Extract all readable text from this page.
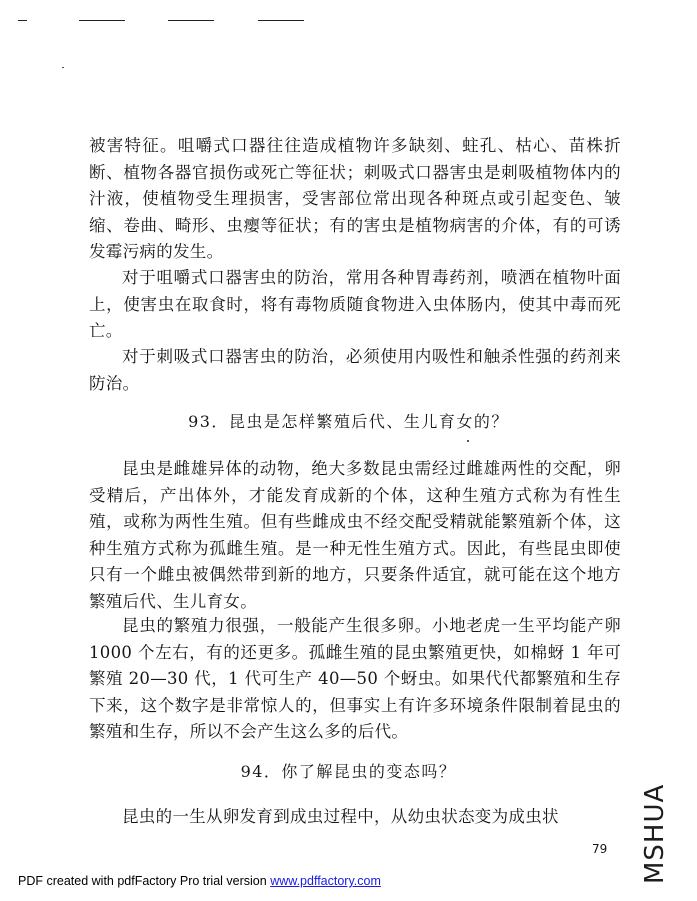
被害特征。咀嚼式口器往往造成植物许多缺刻、蛀孔、枯心、苗株折断、植物各器官损伤或死亡等征状；刺吸式口器害虫是刺吸植物体内的汁液，使植物受生理损害，受害部位常出现各种斑点或引起变色、皱缩、卷曲、畸形、虫瘿等征状；有的害虫是植物病害的介体，有的可诱发霉污病的发生。

对于咀嚼式口器害虫的防治，常用各种胃毒药剂，喷洒在植物叶面上，使害虫在取食时，将有毒物质随食物进入虫体肠内，使其中毒而死亡。

对于刺吸式口器害虫的防治，必须使用内吸性和触杀性强的药剂来防治。

93．昆虫是怎样繁殖后代、生儿育女的？

昆虫是雌雄异体的动物，绝大多数昆虫需经过雌雄两性的交配，卵受精后，产出体外，才能发育成新的个体，这种生殖方式称为有性生殖，或称为两性生殖。但有些雌成虫不经交配受精就能繁殖新个体，这种生殖方式称为孤雌生殖。是一种无性生殖方式。因此，有些昆虫即使只有一个雌虫被偶然带到新的地方，只要条件适宜，就可能在这个地方繁殖后代、生儿育女。

昆虫的繁殖力很强，一般能产生很多卵。小地老虎一生平均能产卵 1000 个左右，有的还更多。孤雌生殖的昆虫繁殖更快，如棉蚜 1 年可繁殖 20—30 代，1 代可生产 40—50 个蚜虫。如果代代都繁殖和生存下来，这个数字是非常惊人的，但事实上有许多环境条件限制着昆虫的繁殖和生存，所以不会产生这么多的后代。

94．你了解昆虫的变态吗？

昆虫的一生从卵发育到成虫过程中，从幼虫状态变为成虫状

79
PDF created with pdfFactory Pro trial version www.pdffactory.com	MSHUA
